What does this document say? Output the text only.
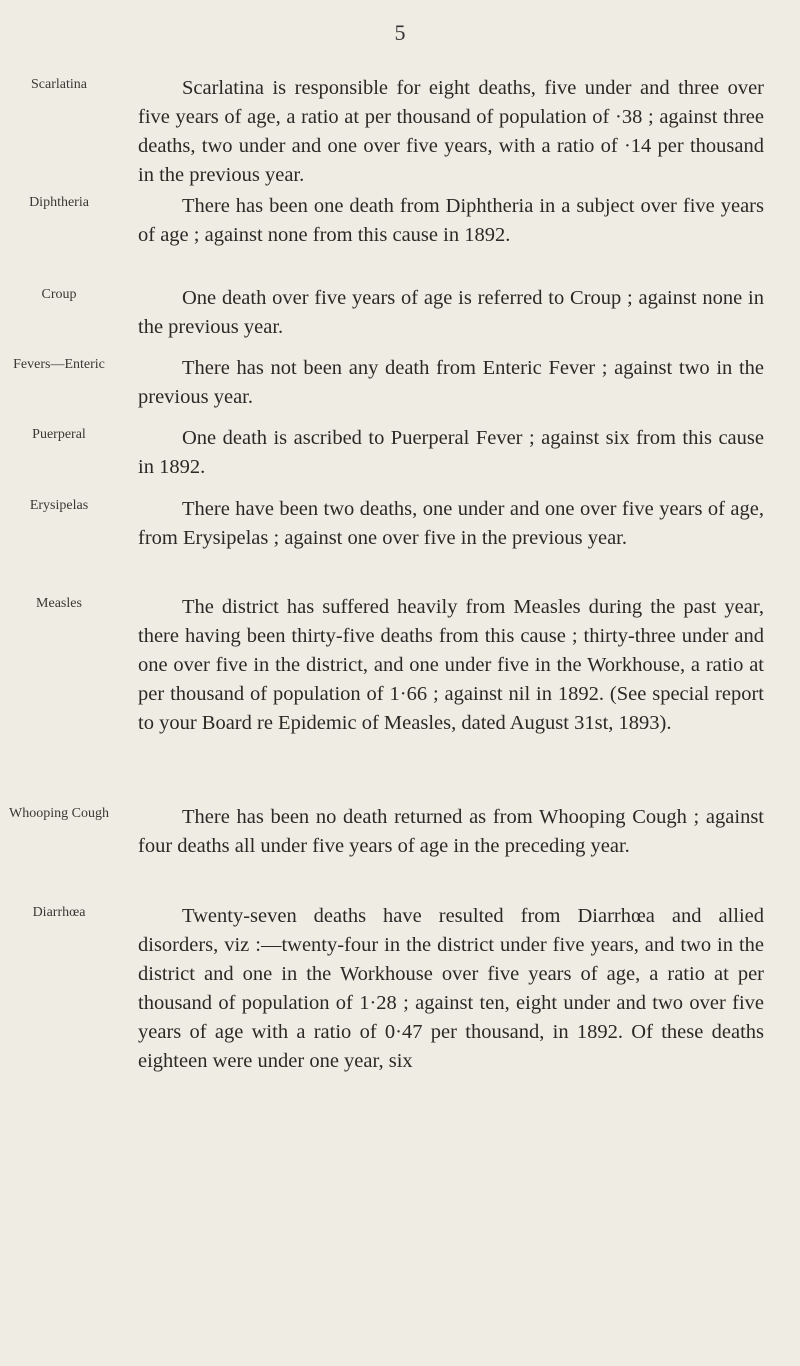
5
Scarlatina	Scarlatina is responsible for eight deaths, five under and three over five years of age, a ratio at per thousand of population of ·38 ; against three deaths, two under and one over five years, with a ratio of ·14 per thousand in the previous year.

Diphtheria	There has been one death from Diphtheria in a subject over five years of age ; against none from this cause in 1892.

Croup	One death over five years of age is referred to Croup ; against none in the previous year.

Fevers—Enteric	There has not been any death from Enteric Fever ; against two in the previous year.

Puerperal	One death is ascribed to Puerperal Fever ; against six from this cause in 1892.

Erysipelas	There have been two deaths, one under and one over five years of age, from Erysipelas ; against one over five in the previous year.

Measles	The district has suffered heavily from Measles during the past year, there having been thirty-five deaths from this cause ; thirty-three under and one over five in the district, and one under five in the Workhouse, a ratio at per thousand of population of 1·66 ; against nil in 1892. (See special report to your Board re Epidemic of Measles, dated August 31st, 1893).

Whooping Cough	There has been no death returned as from Whooping Cough ; against four deaths all under five years of age in the preceding year.

Diarrhœa	Twenty-seven deaths have resulted from Diarrhœa and allied disorders, viz :—twenty-four in the district under five years, and two in the district and one in the Workhouse over five years of age, a ratio at per thousand of population of 1·28 ; against ten, eight under and two over five years of age with a ratio of 0·47 per thousand, in 1892. Of these deaths eighteen were under one year, six
